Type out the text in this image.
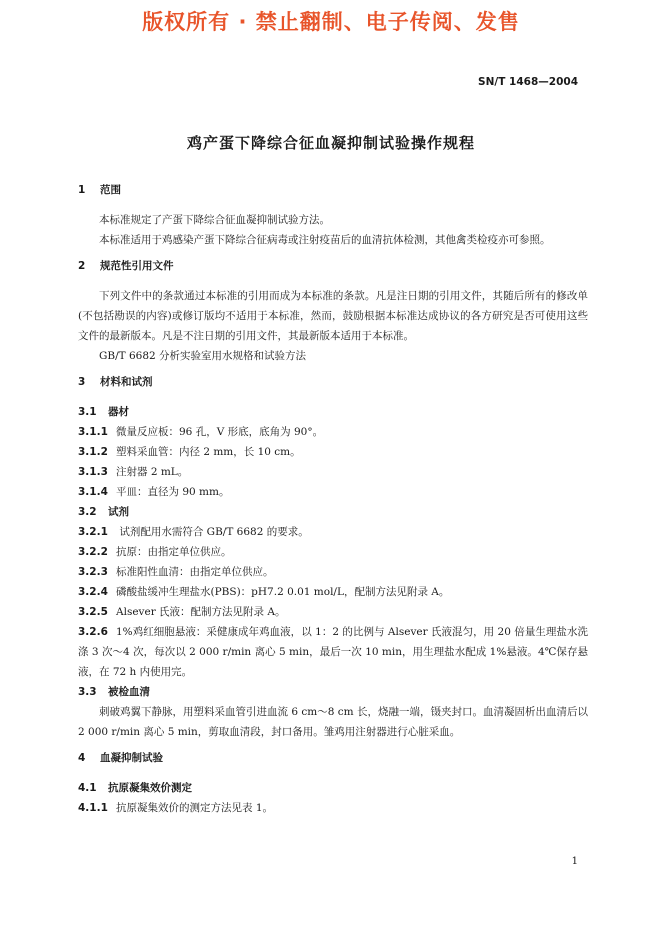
版权所有 · 禁止翻制、电子传阅、发售
SN/T 1468—2004
鸡产蛋下降综合征血凝抑制试验操作规程
1 范围

本标准规定了产蛋下降综合征血凝抑制试验方法。

本标准适用于鸡感染产蛋下降综合征病毒或注射疫苗后的血清抗体检测，其他禽类检疫亦可参照。

2 规范性引用文件

下列文件中的条款通过本标准的引用而成为本标准的条款。凡是注日期的引用文件，其随后所有的修改单(不包括勘误的内容)或修订版均不适用于本标准，然而，鼓励根据本标准达成协议的各方研究是否可使用这些文件的最新版本。凡是不注日期的引用文件，其最新版本适用于本标准。

GB/T 6682 分析实验室用水规格和试验方法

3 材料和试剂
3.1 器材
3.1.1 微量反应板：96 孔，V 形底，底角为 90°。
3.1.2 塑料采血管：内径 2 mm，长 10 cm。
3.1.3 注射器 2 mL。
3.1.4 平皿：直径为 90 mm。
3.2 试剂
3.2.1 试剂配用水需符合 GB/T 6682 的要求。
3.2.2 抗原：由指定单位供应。
3.2.3 标准阳性血清：由指定单位供应。
3.2.4 磷酸盐缓冲生理盐水(PBS)：pH7.2 0.01 mol/L，配制方法见附录 A。
3.2.5 Alsever 氏液：配制方法见附录 A。

3.2.6 1%鸡红细胞悬液：采健康成年鸡血液，以 1：2 的比例与 Alsever 氏液混匀，用 20 倍量生理盐水洗涤 3 次～4 次，每次以 2 000 r/min 离心 5 min，最后一次 10 min，用生理盐水配成 1%悬液。4℃保存悬液，在 72 h 内使用完。

3.3 被检血清

刺破鸡翼下静脉，用塑料采血管引进血流 6 cm～8 cm 长，烧融一端，镊夹封口。血清凝固析出血清后以 2 000 r/min 离心 5 min，剪取血清段，封口备用。雏鸡用注射器进行心脏采血。

4 血凝抑制试验
4.1 抗原凝集效价测定
4.1.1 抗原凝集效价的测定方法见表 1。
1
